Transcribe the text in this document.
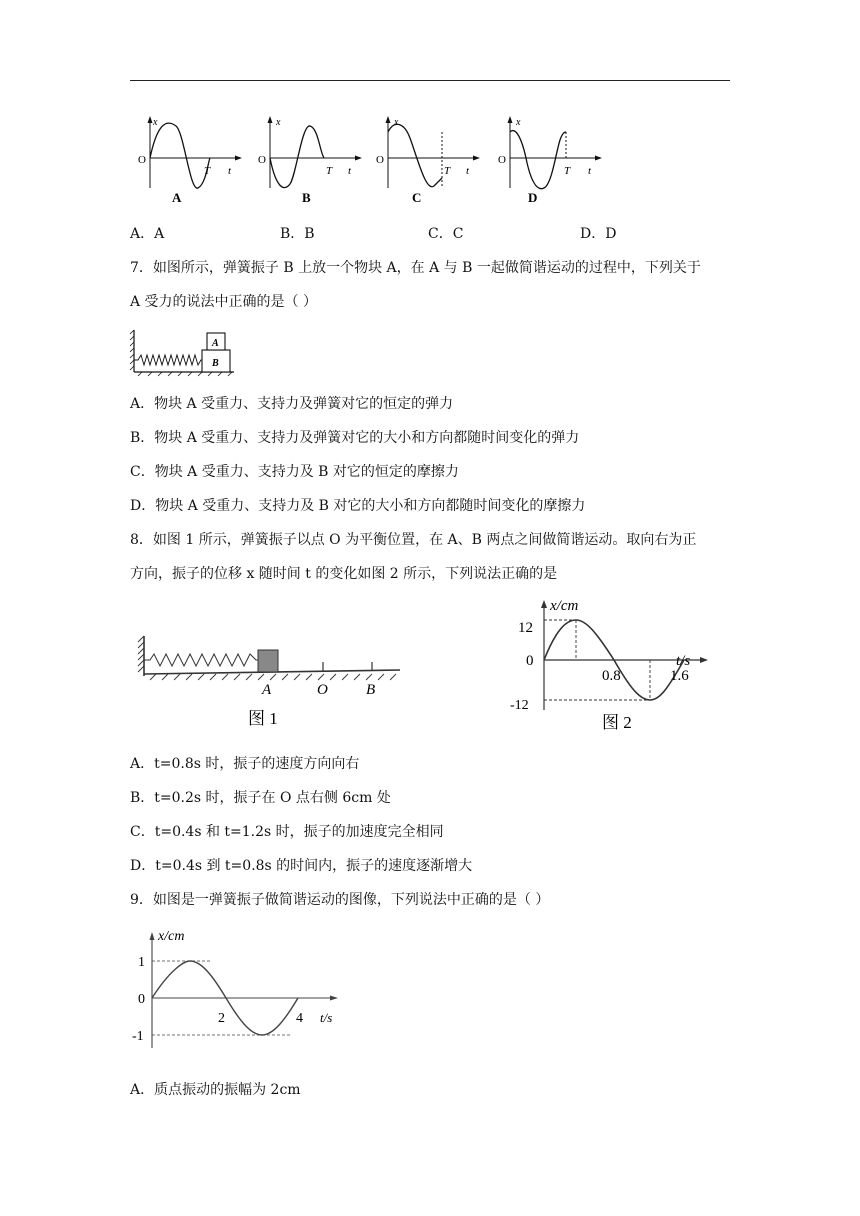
x
O
T t
A
x
O
T t
B
x
O
T t
C
x
O
T t
D
A．A	B．B	C．C	D．D
7．如图所示，弹簧振子 B 上放一个物块 A，在 A 与 B 一起做简谐运动的过程中，下列关于
A 受力的说法中正确的是（ ）
A
B
A．物块 A 受重力、支持力及弹簧对它的恒定的弹力
B．物块 A 受重力、支持力及弹簧对它的大小和方向都随时间变化的弹力
C．物块 A 受重力、支持力及 B 对它的恒定的摩擦力
D．物块 A 受重力、支持力及 B 对它的大小和方向都随时间变化的摩擦力
8．如图 1 所示，弹簧振子以点 O 为平衡位置，在 A、B 两点之间做简谐运动。取向右为正
方向，振子的位移 x 随时间 t 的变化如图 2 所示，下列说法正确的是
A	O	B
图 1
x/cm
t/s
12
0
-12
0.8	1.6
图 2
A．t=0.8s 时，振子的速度方向向右
B．t=0.2s 时，振子在 O 点右侧 6cm 处
C．t=0.4s 和 t=1.2s 时，振子的加速度完全相同
D．t=0.4s 到 t=0.8s 的时间内，振子的速度逐渐增大
9．如图是一弹簧振子做简谐运动的图像，下列说法中正确的是（ ）
x/cm
t/s
1
0
-1
2	4
A．质点振动的振幅为 2cm
